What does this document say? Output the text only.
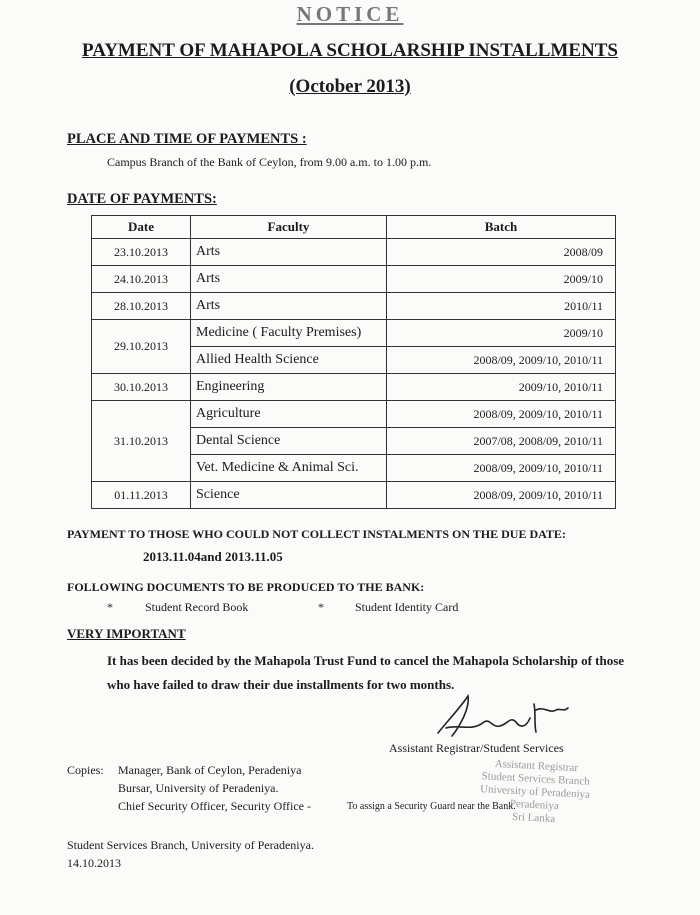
NOTICE
PAYMENT OF MAHAPOLA SCHOLARSHIP INSTALLMENTS
(October 2013)
PLACE AND TIME OF PAYMENTS :
Campus Branch of the Bank of Ceylon, from 9.00 a.m. to 1.00 p.m.
DATE OF PAYMENTS:
Date	Faculty	Batch
23.10.2013	Arts	2008/09
24.10.2013	Arts	2009/10
28.10.2013	Arts	2010/11
29.10.2013	Medicine ( Faculty Premises)	2009/10
	Allied Health Science	2008/09, 2009/10, 2010/11
30.10.2013	Engineering	2009/10, 2010/11
31.10.2013	Agriculture	2008/09, 2009/10, 2010/11
	Dental Science	2007/08, 2008/09, 2010/11
	Vet. Medicine & Animal Sci.	2008/09, 2009/10, 2010/11
01.11.2013	Science	2008/09, 2009/10, 2010/11
PAYMENT TO THOSE WHO COULD NOT COLLECT INSTALMENTS ON THE DUE DATE:
2013.11.04and 2013.11.05
FOLLOWING DOCUMENTS TO BE PRODUCED TO THE BANK:
*	Student Record Book	*	Student Identity Card
VERY IMPORTANT
It has been decided by the Mahapola Trust Fund to cancel the Mahapola Scholarship of those
who have failed to draw their due installments for two months.
Assistant Registrar/Student Services
Assistant Registrar
Student Services Branch
University of Peradeniya
Peradeniya
Sri Lanka
Copies: Manager, Bank of Ceylon, Peradeniya
Bursar, University of Peradeniya.
Chief Security Officer, Security Office -	To assign a Security Guard near the Bank.
Student Services Branch, University of Peradeniya.
14.10.2013
